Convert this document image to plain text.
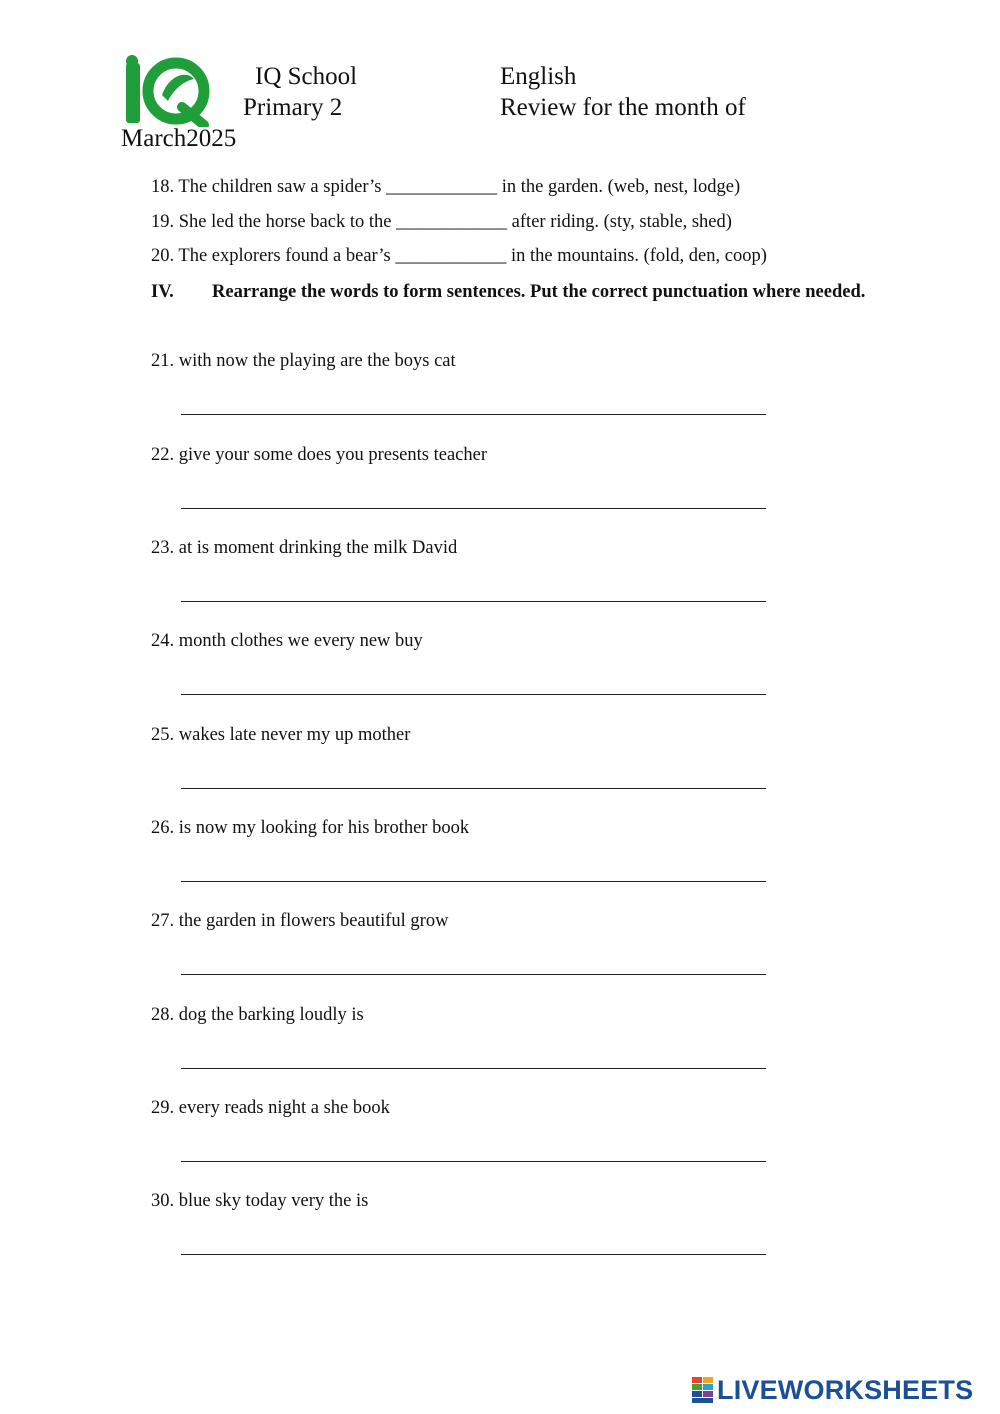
IQ School
Primary 2
English
Review for the month of
March2025
18. The children saw a spider’s ____________ in the garden. (web, nest, lodge)
19. She led the horse back to the ____________ after riding. (sty, stable, shed)
20. The explorers found a bear’s _______​_____ in the mountains. (fold, den, coop)
IV. Rearrange the words to form sentences. Put the correct punctuation where needed.
21. with now the playing are the boys cat
22. give your some does you presents teacher
23. at is moment drinking the milk David
24. month clothes we every new buy
25. wakes late never my up mother
26. is now my looking for his brother book
27. the garden in flowers beautiful grow
28. dog the barking loudly is
29. every reads night a she book
30. blue sky today very the is
LIVEWORKSHEETS
